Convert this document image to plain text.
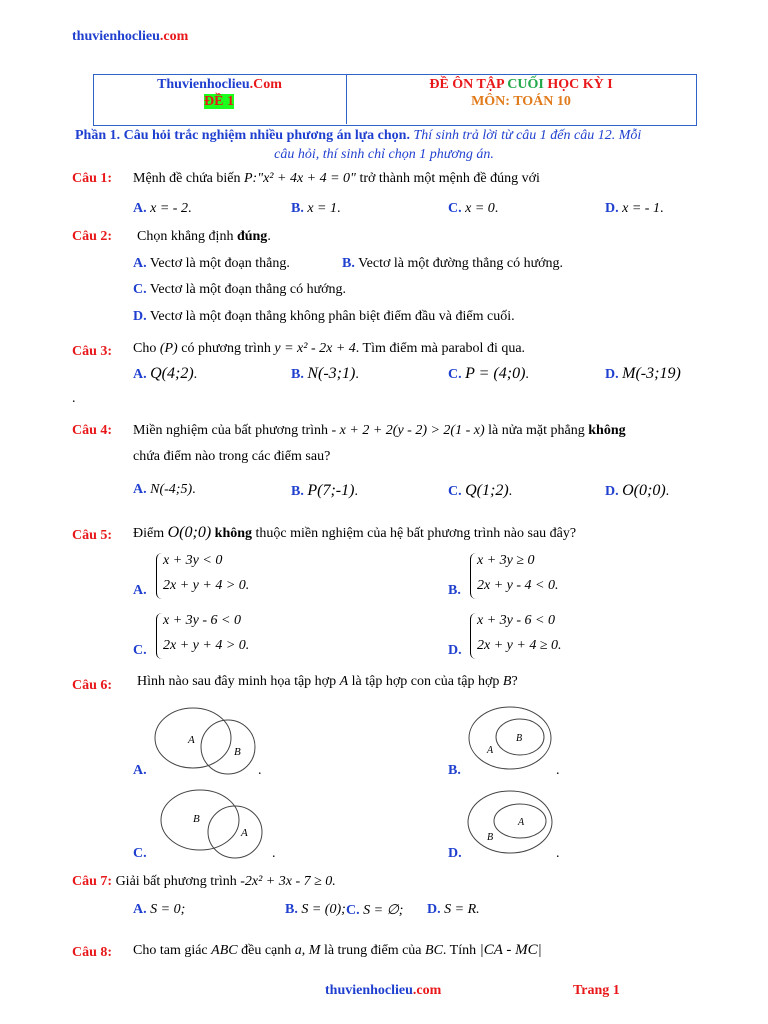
thuvienhoclieu.com
Thuvienhoclieu.Com
ĐỀ 1
ĐỀ ÔN TẬP CUỐI HỌC KỲ I
MÔN: TOÁN 10
Phần 1. Câu hỏi trắc nghiệm nhiều phương án lựa chọn. Thí sinh trả lời từ câu 1 đến câu 12. Mỗi
câu hỏi, thí sinh chỉ chọn 1 phương án.
Câu 1: Mệnh đề chứa biến P:"x² + 4x + 4 = 0" trở thành một mệnh đề đúng với
A. x = - 2.	B. x = 1.	C. x = 0.	D. x = - 1.
Câu 2: Chọn khẳng định đúng.
A. Vectơ là một đoạn thẳng.	B. Vectơ là một đường thẳng có hướng.
C. Vectơ là một đoạn thẳng có hướng.
D. Vectơ là một đoạn thẳng không phân biệt điểm đầu và điểm cuối.
Câu 3: Cho (P) có phương trình y = x² - 2x + 4. Tìm điểm mà parabol đi qua.
A. Q(4;2).	B. N(-3;1).	C. P = (4;0).	D. M(-3;19)
.
Câu 4: Miền nghiệm của bất phương trình - x + 2 + 2(y - 2) > 2(1 - x) là nửa mặt phẳng không
chứa điểm nào trong các điểm sau?
A. N(-4;5).	B. P(7;-1).	C. Q(1;2).	D. O(0;0).
Câu 5: Điểm O(0;0) không thuộc miền nghiệm của hệ bất phương trình nào sau đây?
A.
x + 3y < 0
2x + y + 4 > 0.	B.
x + 3y ≥ 0
2x + y - 4 < 0.
C.
x + 3y - 6 < 0
2x + y + 4 > 0.	D.
x + 3y - 6 < 0
2x + y + 4 ≥ 0.
Câu 6: Hình nào sau đây minh họa tập hợp A là tập hợp con của tập hợp B?
A.
A
B
.	B.
B
A
.
C.
B
A
.	D.
B
A
.
Câu 7: Giải bất phương trình -2x² + 3x - 7 ≥ 0.
A. S = 0;	B. S = (0); C. S = ∅; D. S = R.
Câu 8: Cho tam giác ABC đều cạnh a, M là trung điểm của BC. Tính |CA - MC|
thuvienhoclieu.com	Trang 1
